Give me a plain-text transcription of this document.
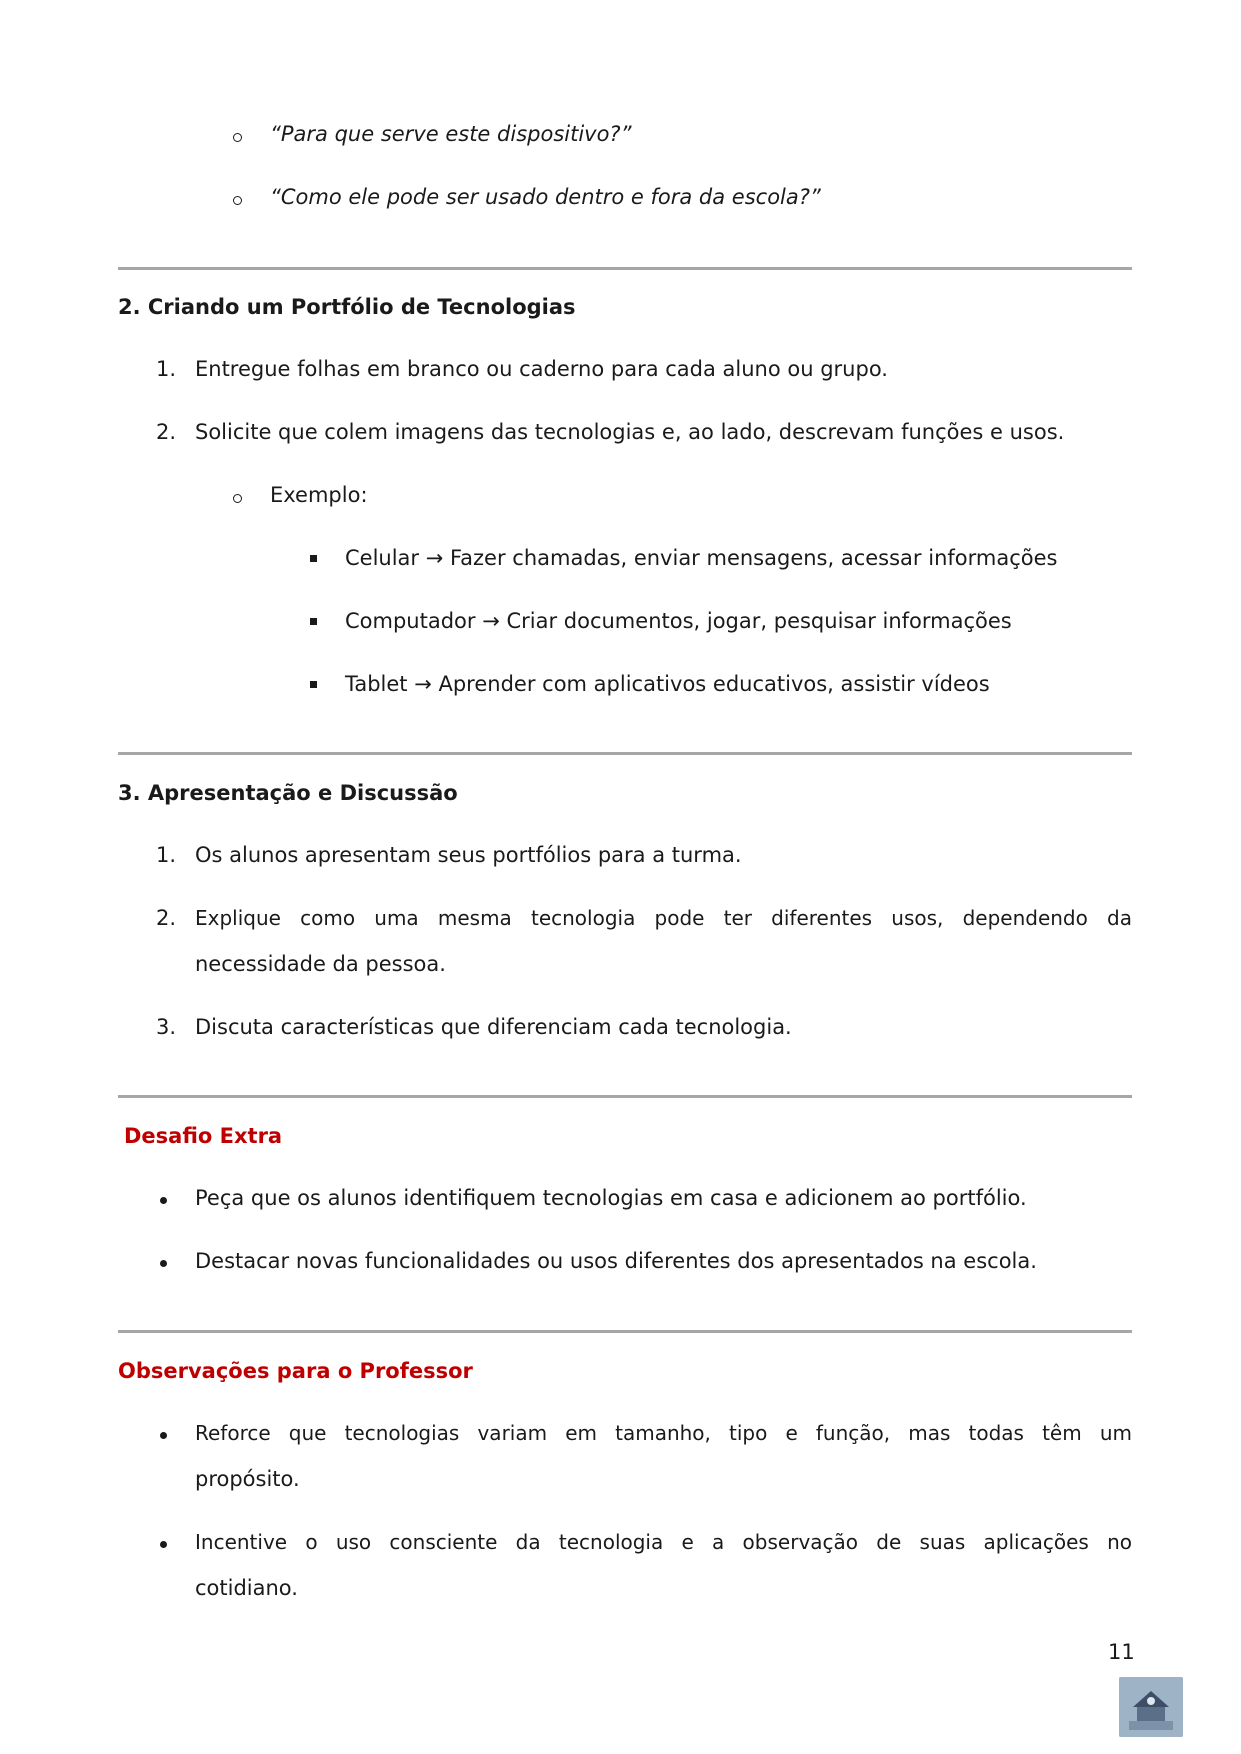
“Para que serve este dispositivo?”
“Como ele pode ser usado dentro e fora da escola?”
2. Criando um Portfólio de Tecnologias
1. Entregue folhas em branco ou caderno para cada aluno ou grupo.
2. Solicite que colem imagens das tecnologias e, ao lado, descrevam funções e usos.
Exemplo:
Celular → Fazer chamadas, enviar mensagens, acessar informações
Computador → Criar documentos, jogar, pesquisar informações
Tablet → Aprender com aplicativos educativos, assistir vídeos
3. Apresentação e Discussão
1. Os alunos apresentam seus portfólios para a turma.
2. Explique como uma mesma tecnologia pode ter diferentes usos, dependendo da
necessidade da pessoa.
3. Discuta características que diferenciam cada tecnologia.
Desafio Extra
Peça que os alunos identifiquem tecnologias em casa e adicionem ao portfólio.
Destacar novas funcionalidades ou usos diferentes dos apresentados na escola.
Observações para o Professor
Reforce que tecnologias variam em tamanho, tipo e função, mas todas têm um
propósito.
Incentive o uso consciente da tecnologia e a observação de suas aplicações no
cotidiano.
11
